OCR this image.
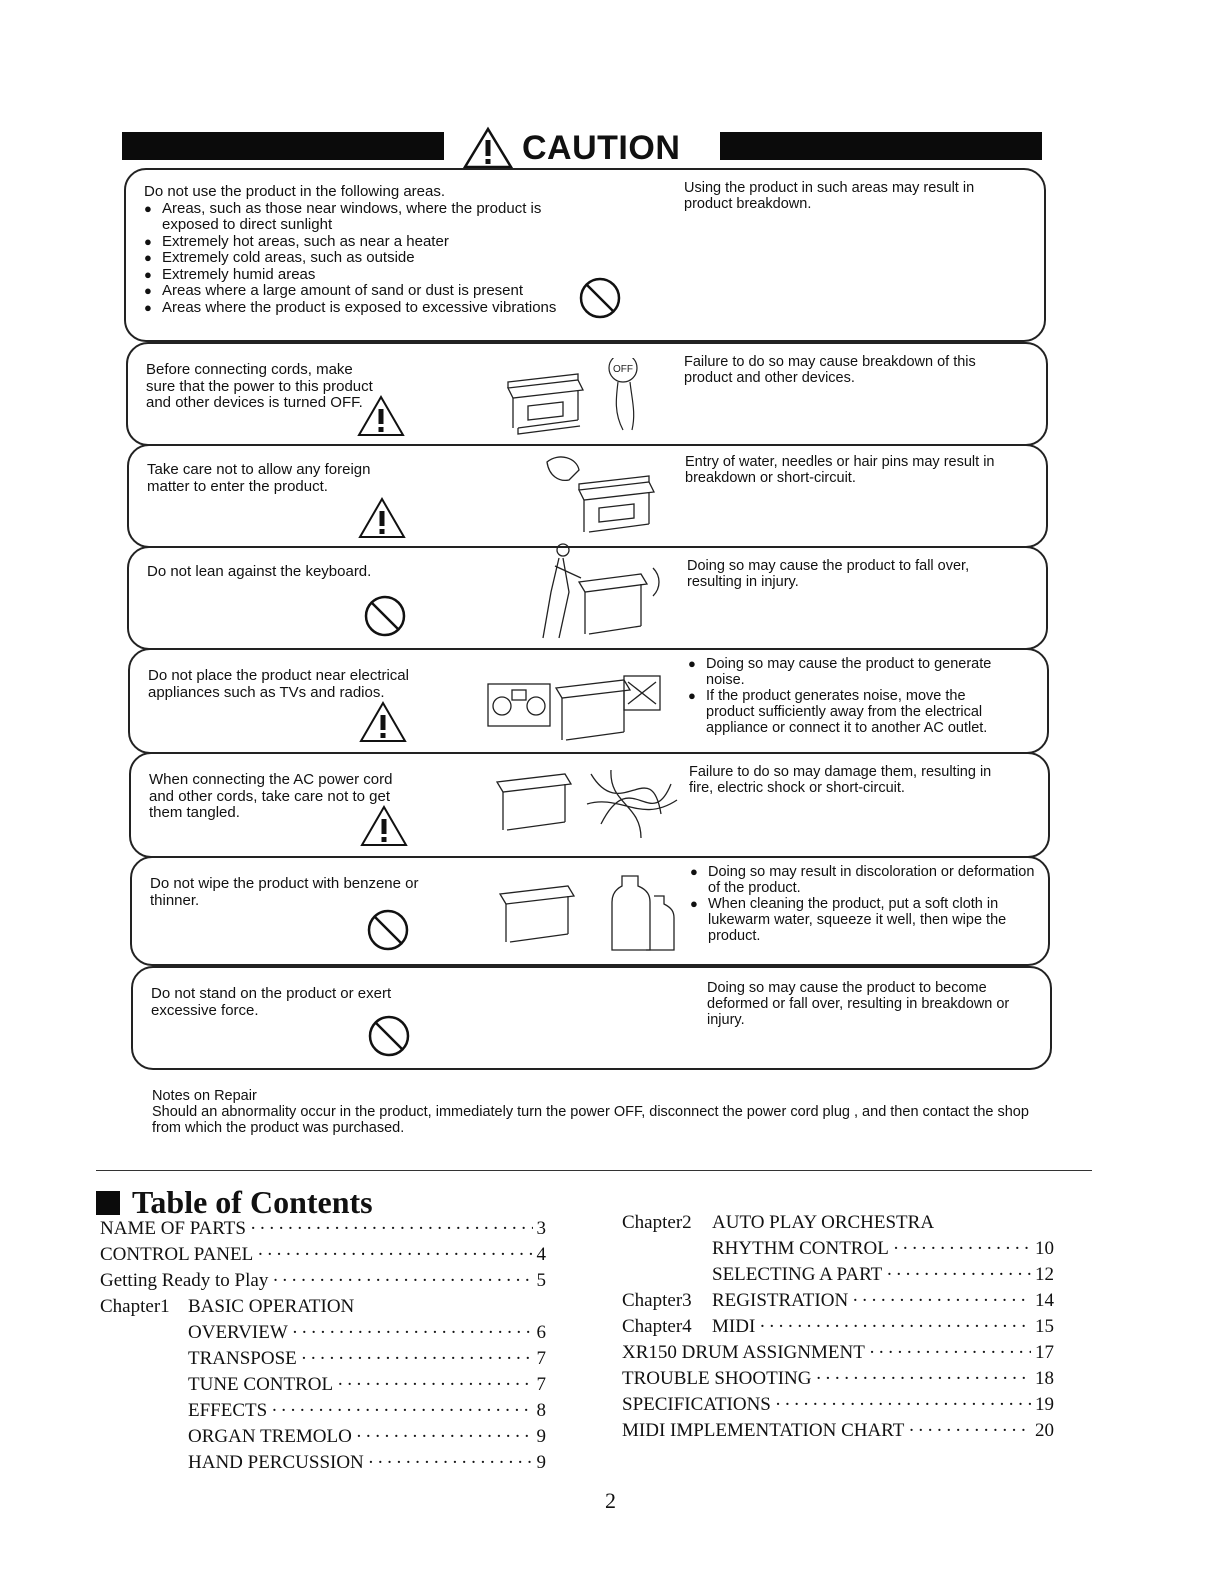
CAUTION
Do not use the product in the following areas.
● Areas, such as those near windows, where the product is exposed to direct sunlight
● Extremely hot areas, such as near a heater
● Extremely cold areas, such as outside
● Extremely humid areas
● Areas where a large amount of sand or dust is present
● Areas where the product is exposed to excessive vibrations
Using the product in such areas may result in product breakdown.
Before connecting cords, make sure that the power to this product and other devices is turned OFF.
OFF	Failure to do so may cause breakdown of this product and other devices.
Take care not to allow any foreign matter to enter the product.
Entry of water, needles or hair pins may result in breakdown or short-circuit.
Do not lean against the keyboard.	Doing so may cause the product to fall over, resulting in injury.
Do not place the product near electrical appliances such as TVs and radios.
● Doing so may cause the product to generate noise.
● If the product generates noise, move the product sufficiently away from the electrical appliance or connect it to another AC outlet.
When connecting the AC power cord and other cords, take care not to get them tangled.
Failure to do so may damage them, resulting in fire, electric shock or short-circuit.
Do not wipe the product with benzene or thinner.
● Doing so may result in discoloration or deformation of the product.
● When cleaning the product, put a soft cloth in lukewarm water, squeeze it well, then wipe the product.
Do not stand on the product or exert excessive force.
Doing so may cause the product to become deformed or fall over, resulting in breakdown or injury.
Notes on Repair
Should an abnormality occur in the product, immediately turn the power OFF, disconnect the power cord plug , and then contact the shop from which the product was purchased.
Table of Contents
NAME OF PARTS ·····	3
CONTROL PANEL ·····	4
Getting Ready to Play ·····	5
Chapter1 BASIC OPERATION
OVERVIEW ·····	6
TRANSPOSE ·····	7
TUNE CONTROL ·····	7
EFFECTS ·····	8
ORGAN TREMOLO ·····	9
HAND PERCUSSION ·····	9
Chapter2	AUTO PLAY ORCHESTRA
RHYTHM CONTROL ·····	10
SELECTING A PART ·····	12
Chapter3	REGISTRATION ·····	14
Chapter4	MIDI ·····	15
XR150 DRUM ASSIGNMENT ·····	17
TROUBLE SHOOTING ·····	18
SPECIFICATIONS ·····	19
MIDI IMPLEMENTATION CHART ·····	20
2
